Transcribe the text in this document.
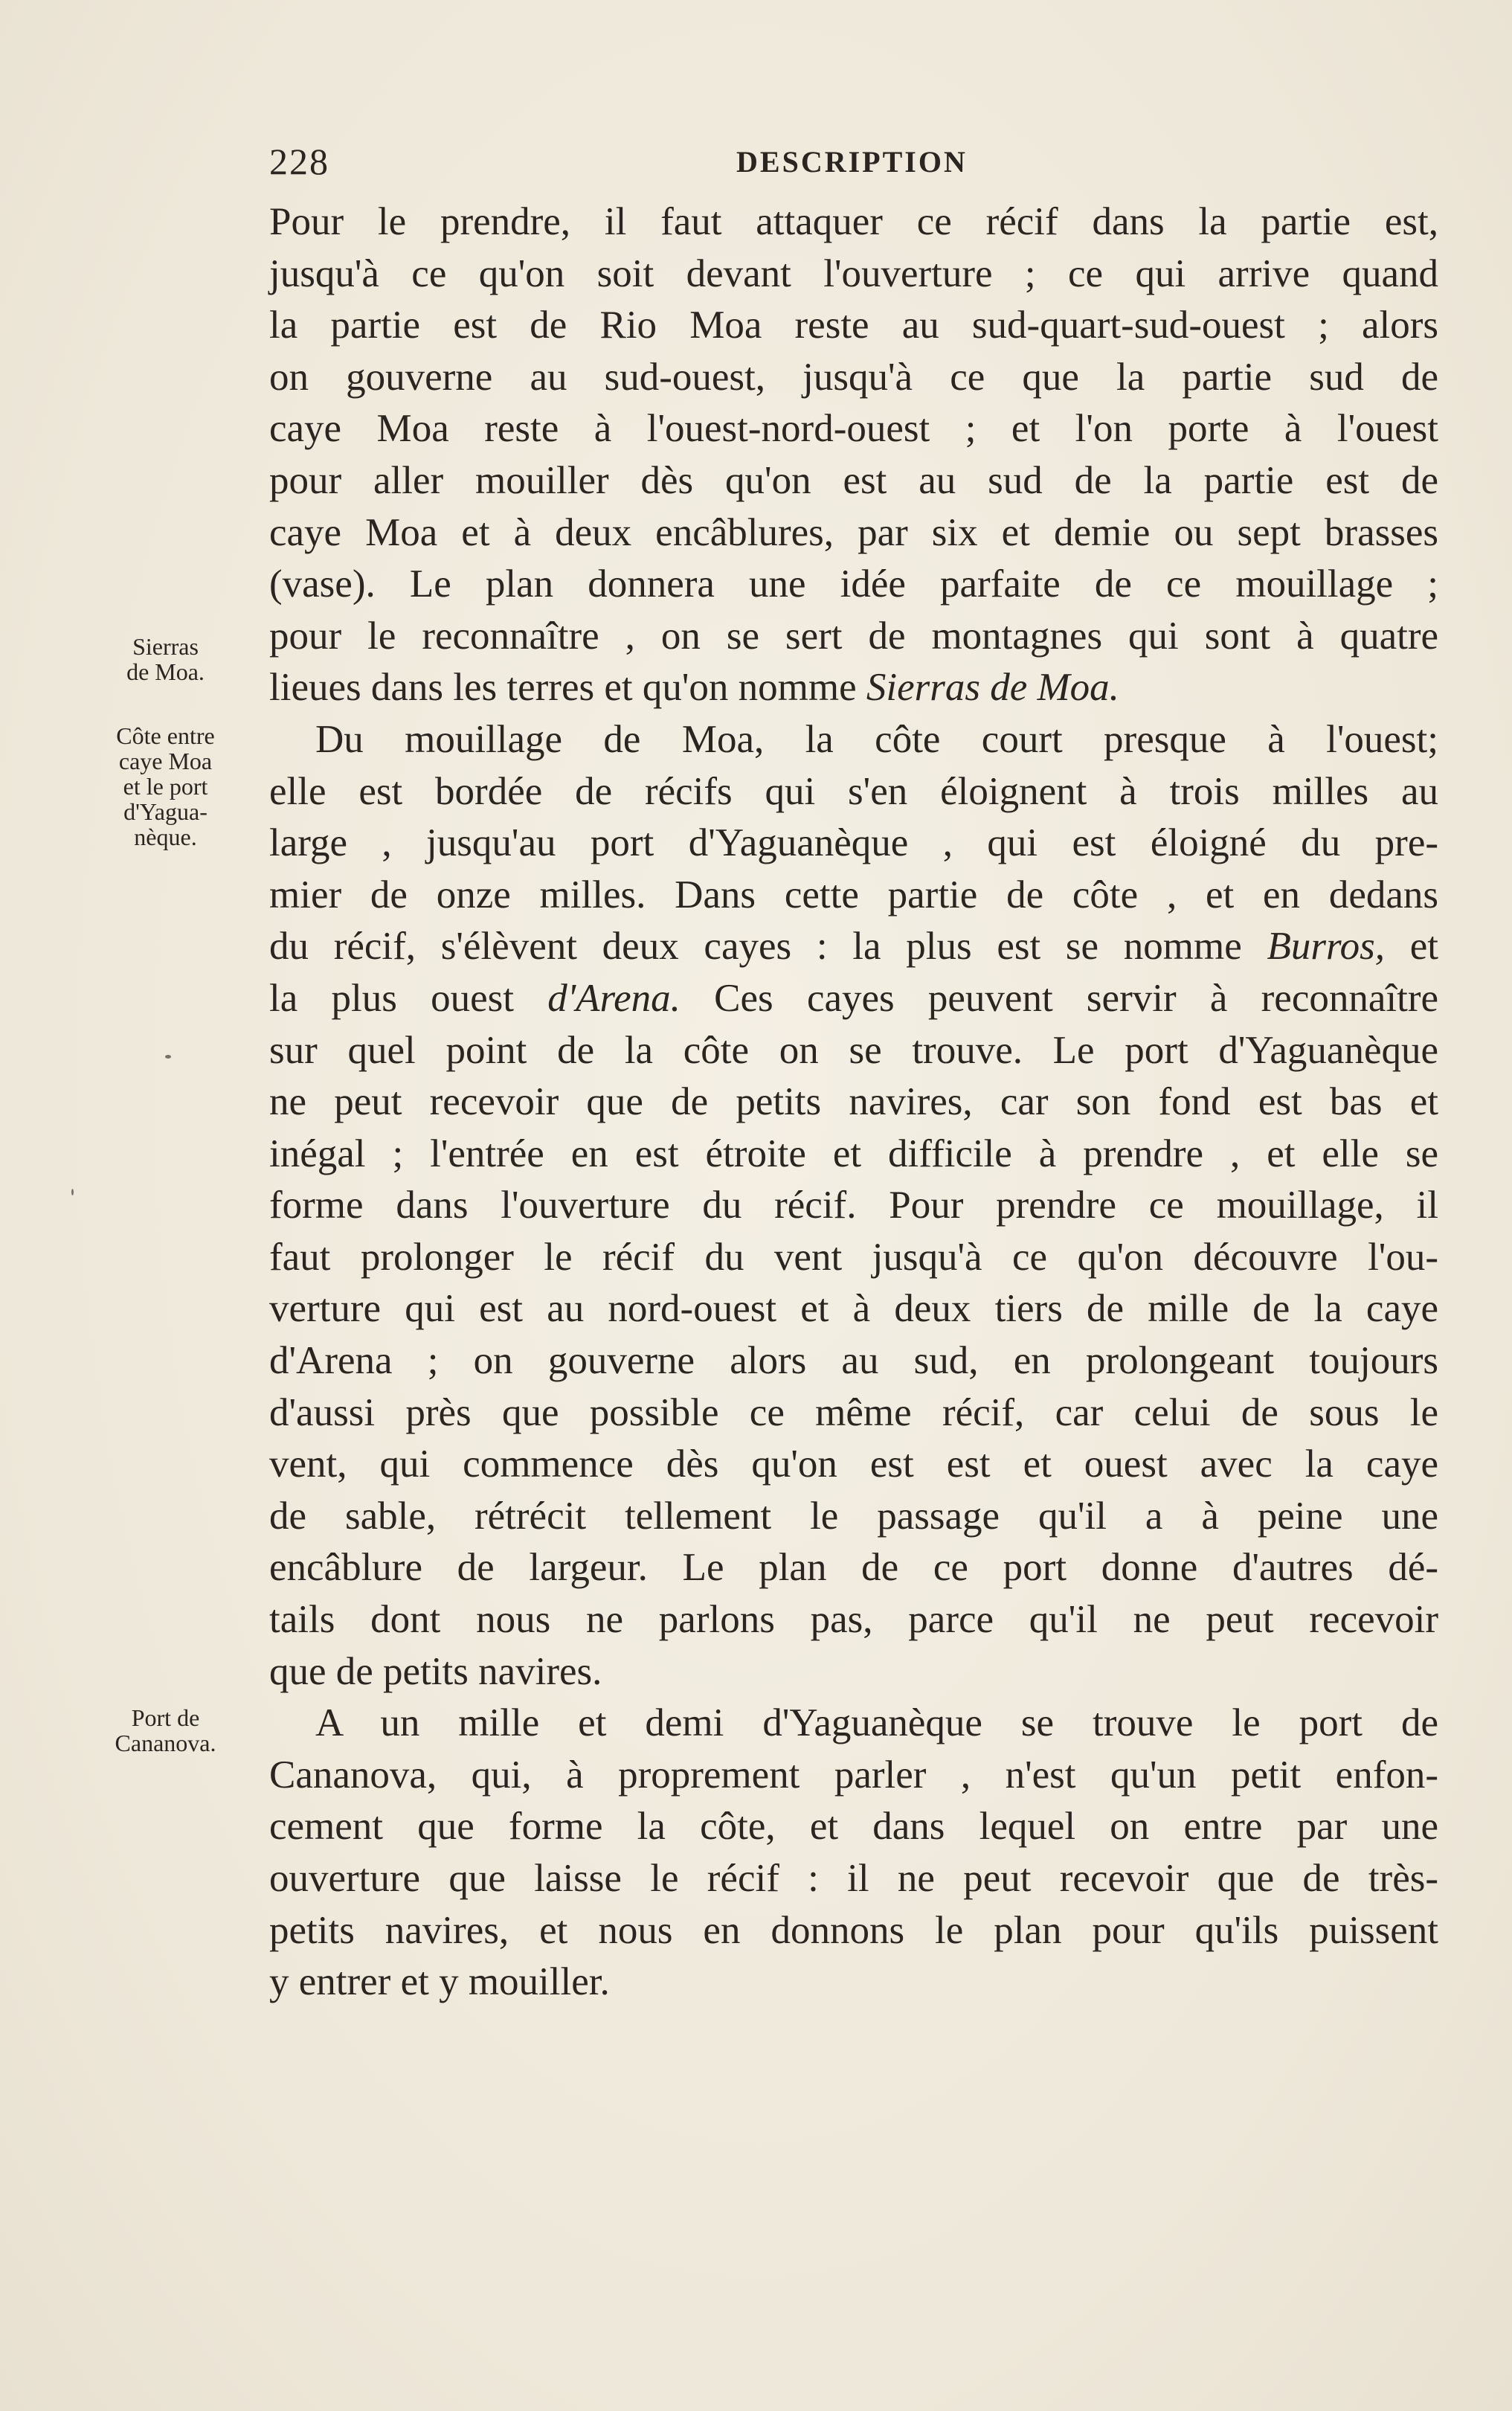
228	DESCRIPTION
Sierras
de Moa.
Côte entre
caye Moa
et le port
d'Yagua-
nèque.
Port de
Cananova.
Pour le prendre, il faut attaquer ce récif dans la partie est,
jusqu'à ce qu'on soit devant l'ouverture ; ce qui arrive quand
la partie est de Rio Moa reste au sud-quart-sud-ouest ; alors
on gouverne au sud-ouest, jusqu'à ce que la partie sud de
caye Moa reste à l'ouest-nord-ouest ; et l'on porte à l'ouest
pour aller mouiller dès qu'on est au sud de la partie est de
caye Moa et à deux encâblures, par six et demie ou sept brasses
(vase). Le plan donnera une idée parfaite de ce mouillage ;
pour le reconnaître , on se sert de montagnes qui sont à quatre
lieues dans les terres et qu'on nomme Sierras de Moa.
Du mouillage de Moa, la côte court presque à l'ouest;
elle est bordée de récifs qui s'en éloignent à trois milles au
large , jusqu'au port d'Yaguanèque , qui est éloigné du pre-
mier de onze milles. Dans cette partie de côte , et en dedans
du récif, s'élèvent deux cayes : la plus est se nomme Burros, et
la plus ouest d'Arena. Ces cayes peuvent servir à reconnaître
sur quel point de la côte on se trouve. Le port d'Yaguanèque
ne peut recevoir que de petits navires, car son fond est bas et
inégal ; l'entrée en est étroite et difficile à prendre , et elle se
forme dans l'ouverture du récif. Pour prendre ce mouillage, il
faut prolonger le récif du vent jusqu'à ce qu'on découvre l'ou-
verture qui est au nord-ouest et à deux tiers de mille de la caye
d'Arena ; on gouverne alors au sud, en prolongeant toujours
d'aussi près que possible ce même récif, car celui de sous le
vent, qui commence dès qu'on est est et ouest avec la caye
de sable, rétrécit tellement le passage qu'il a à peine une
encâblure de largeur. Le plan de ce port donne d'autres dé-
tails dont nous ne parlons pas, parce qu'il ne peut recevoir
que de petits navires.
A un mille et demi d'Yaguanèque se trouve le port de
Cananova, qui, à proprement parler , n'est qu'un petit enfon-
cement que forme la côte, et dans lequel on entre par une
ouverture que laisse le récif : il ne peut recevoir que de très-
petits navires, et nous en donnons le plan pour qu'ils puissent
y entrer et y mouiller.
